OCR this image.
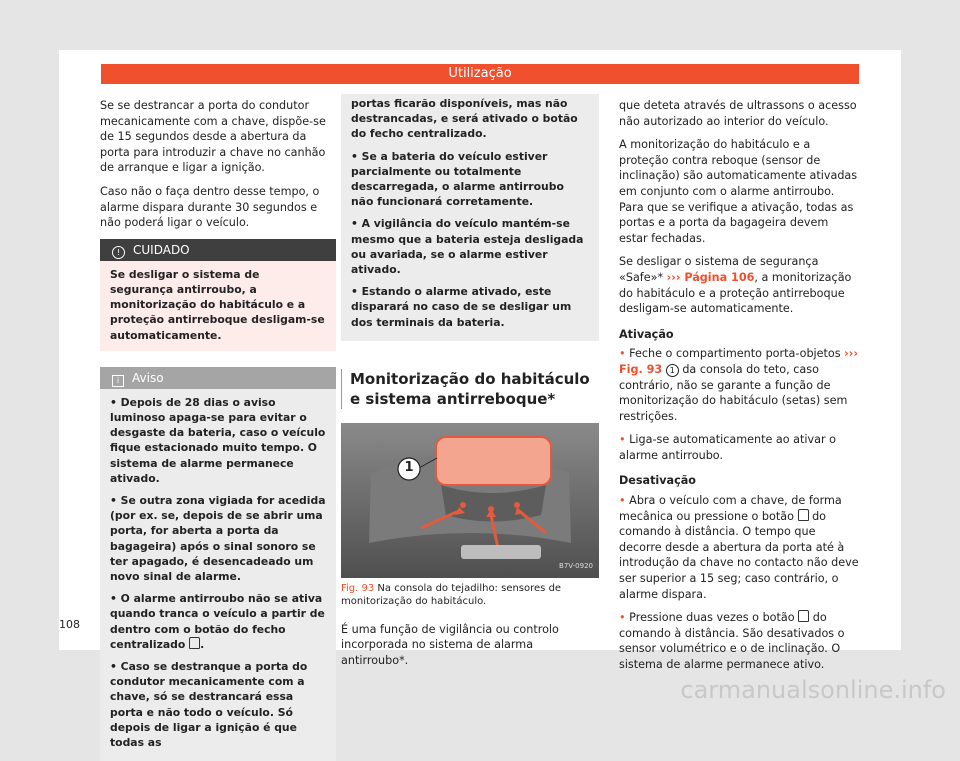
Utilização

Se se destrancar a porta do condutor mecanicamente com a chave, dispõe-se de 15 segundos desde a abertura da porta para introduzir a chave no canhão de arranque e ligar a ignição.

Caso não o faça dentro desse tempo, o alarme dispara durante 30 segundos e não poderá ligar o veículo.

! CUIDADO
Se desligar o sistema de segurança antirroubo, a monitorização do habitáculo e a proteção antirreboque desligam-se automaticamente.
i Aviso

• Depois de 28 dias o aviso luminoso apaga-se para evitar o desgaste da bateria, caso o veículo fique estacionado muito tempo. O sistema de alarme permanece ativado.

• Se outra zona vigiada for acedida (por ex. se, depois de se abrir uma porta, for aberta a porta da bagageira) após o sinal sonoro se ter apagado, é desencadeado um novo sinal de alarme.

• O alarme antirroubo não se ativa quando tranca o veículo a partir de dentro com o botão do fecho centralizado .

• Caso se destranque a porta do condutor mecanicamente com a chave, só se destrancará essa porta e não todo o veículo. Só depois de ligar a ignição é que todas as

portas ficarão disponíveis, mas não destrancadas, e será ativado o botão do fecho centralizado.

• Se a bateria do veículo estiver parcialmente ou totalmente descarregada, o alarme antirroubo não funcionará corretamente.

• A vigilância do veículo mantém-se mesmo que a bateria esteja desligada ou avariada, se o alarme estiver ativado.

• Estando o alarme ativado, este disparará no caso de se desligar um dos terminais da bateria.

Monitorização do habitáculo e sistema antirreboque*
1
B7V-0920
Fig. 93 Na consola do tejadilho: sensores de monitorização do habitáculo.

É uma função de vigilância ou controlo incorporada no sistema de alarma antirroubo*.

que deteta através de ultrassons o acesso não autorizado ao interior do veículo.

A monitorização do habitáculo e a proteção contra reboque (sensor de inclinação) são automaticamente ativadas em conjunto com o alarme antirroubo. Para que se verifique a ativação, todas as portas e a porta da bagageira devem estar fechadas.

Se desligar o sistema de segurança «Safe»* ››› Página 106, a monitorização do habitáculo e a proteção antirreboque desligam-se automaticamente.

Ativação

• Feche o compartimento porta-objetos ››› Fig. 93 1 da consola do teto, caso contrário, não se garante a função de monitorização do habitáculo (setas) sem restrições.

• Liga-se automaticamente ao ativar o alarme antirroubo.

Desativação

• Abra o veículo com a chave, de forma mecânica ou pressione o botão do comando à distância. O tempo que decorre desde a abertura da porta até à introdução da chave no contacto não deve ser superior a 15 seg; caso contrário, o alarme dispara.

• Pressione duas vezes o botão do comando à distância. São desativados o sensor volumétrico e o de inclinação. O sistema de alarme permanece ativo.

108
carmanualsonline.info
